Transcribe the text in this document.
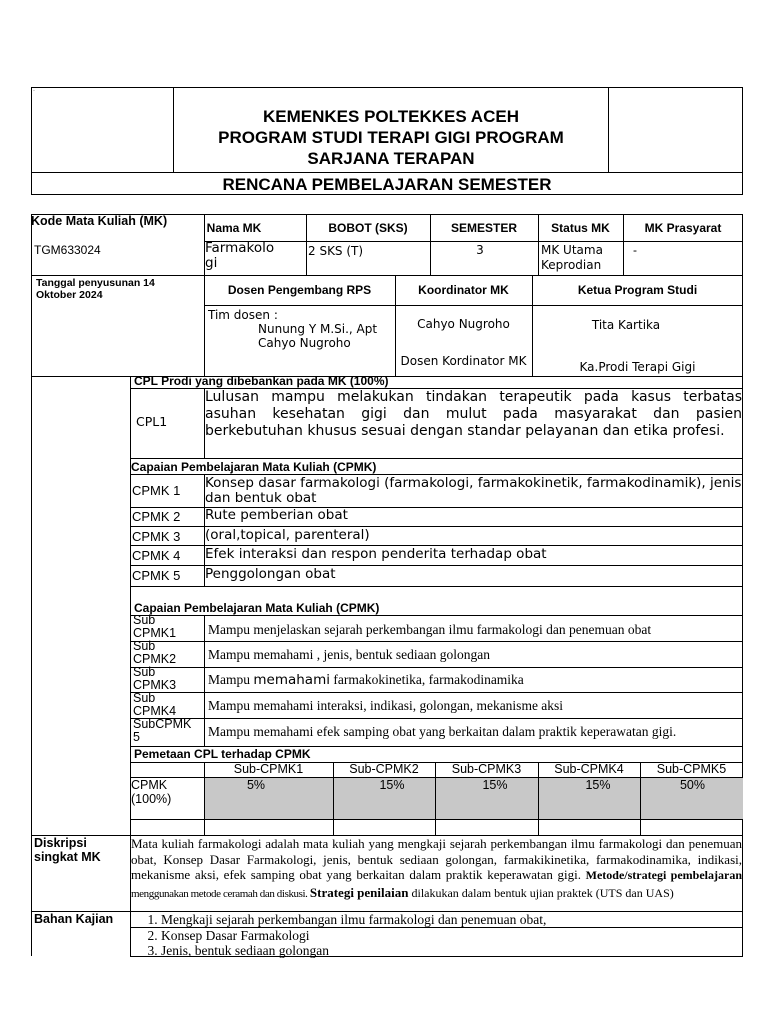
·
KEMENKES POLTEKKES ACEH
PROGRAM STUDI TERAPI GIGI PROGRAM
SARJANA TERAPAN
RENCANA PEMBELAJARAN SEMESTER
Kode Mata Kuliah (MK)	Nama MK	BOBOT (SKS)	SEMESTER	Status MK	MK Prasyarat
TGM633024	Farmakolo
gi
2 SKS (T)	3	MK Utama
Keprodian
-
Tanggal penyusunan 14
Oktober 2024	Dosen Pengembang RPS	Koordinator MK	Ketua Program Studi
Tim dosen :
Nunung Y M.Si., Apt
Cahyo Nugroho
Cahyo Nugroho
Dosen Kordinator MK
Tita Kartika
Ka.Prodi Terapi Gigi
CPL Prodi yang dibebankan pada MK (100%)
CPL1
Lulusan mampu melakukan tindakan terapeutik pada kasus terbatas asuhan kesehatan gigi dan mulut pada masyarakat dan pasien berkebutuhan khusus sesuai dengan standar pelayanan dan etika profesi.
Capaian Pembelajaran Mata Kuliah (CPMK)
CPMK 1 Konsep dasar farmakologi (farmakologi, farmakokinetik, farmakodinamik), jenis dan bentuk obat
CPMK 2 Rute pemberian obat
CPMK 3 (oral,topical, parenteral)
CPMK 4 Efek interaksi dan respon penderita terhadap obat
CPMK 5 Penggolongan obat
Capaian Pembelajaran Mata Kuliah (CPMK)
Sub
CPMK1 Mampu menjelaskan sejarah perkembangan ilmu farmakologi dan penemuan obat
Sub
CPMK2 Mampu memahami , jenis, bentuk sediaan golongan
Sub
CPMK3 Mampu memahami farmakokinetika, farmakodinamika
Sub
CPMK4 Mampu memahami interaksi, indikasi, golongan, mekanisme aksi
SubCPMK
5	Mampu memahami efek samping obat yang berkaitan dalam praktik keperawatan gigi.
Pemetaan CPL terhadap CPMK
Sub-CPMK1	Sub-CPMK2	Sub-CPMK3	Sub-CPMK4	Sub-CPMK5
CPMK
(100%)
5%	15%	15%	15%	50%
Diskripsi
singkat MK
Mata kuliah farmakologi adalah mata kuliah yang mengkaji sejarah perkembangan ilmu farmakologi dan penemuan obat, Konsep Dasar Farmakologi, jenis, bentuk sediaan golongan, farmakikinetika, farmakodinamika, indikasi, mekanisme aksi, efek samping obat yang berkaitan dalam praktik keperawatan gigi. Metode/strategi pembelajaran menggunakan metode ceramah dan diskusi. Strategi penilaian dilakukan dalam bentuk ujian praktek (UTS dan UAS)
Bahan Kajian
1.	Mengkaji sejarah perkembangan ilmu farmakologi dan penemuan obat,
2. Konsep Dasar Farmakologi
3. Jenis, bentuk sediaan golongan
